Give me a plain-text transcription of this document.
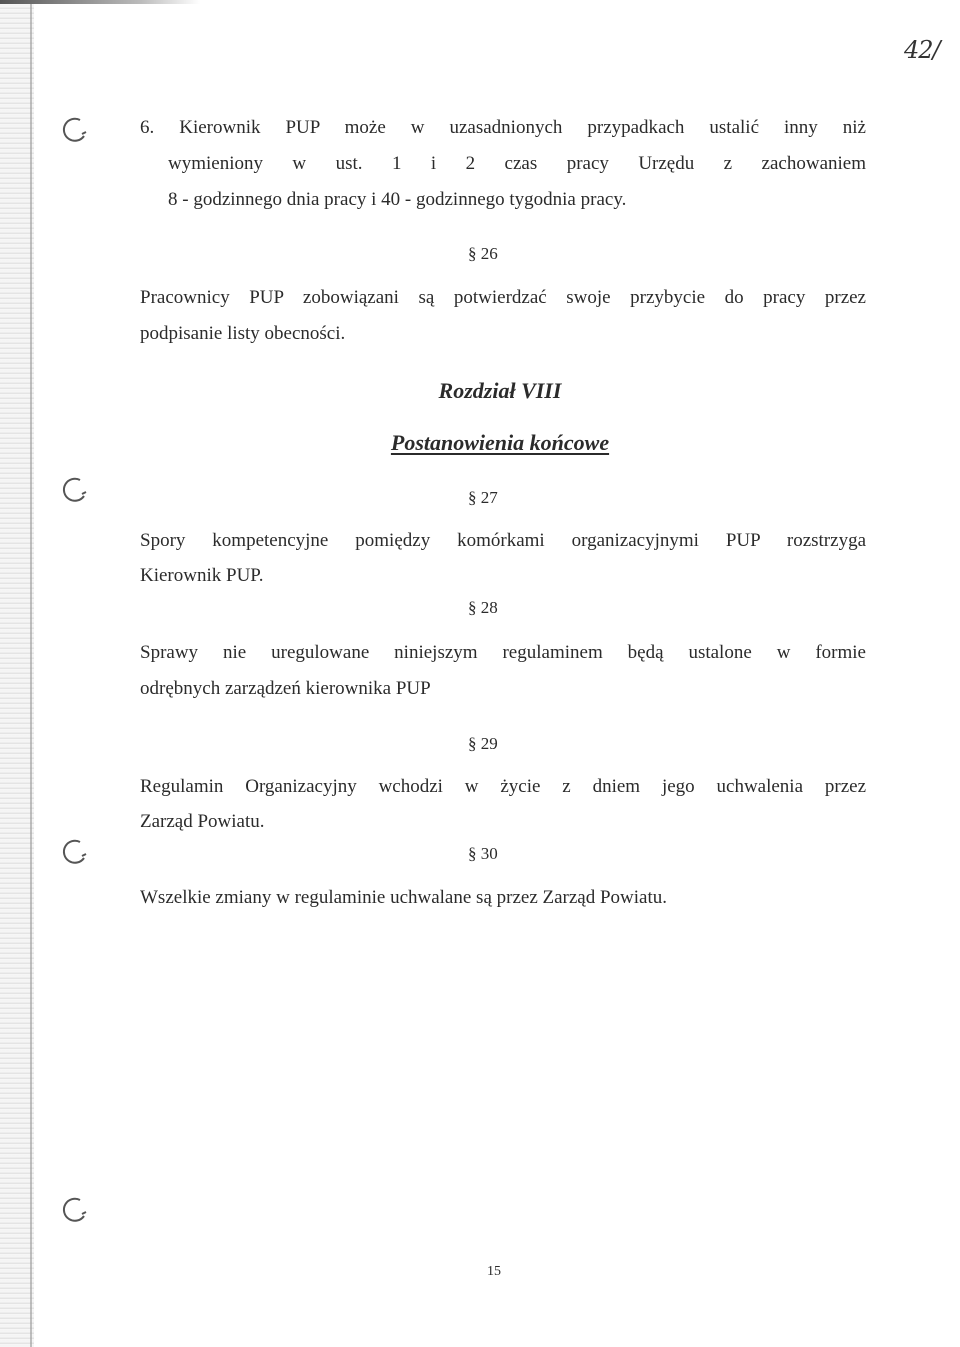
42/
6. Kierownik PUP może w uzasadnionych przypadkach ustalić inny niż
wymieniony w ust. 1 i 2 czas pracy Urzędu z zachowaniem
8 - godzinnego dnia pracy i 40 - godzinnego tygodnia pracy.
§ 26
Pracownicy PUP zobowiązani są potwierdzać swoje przybycie do pracy przez
podpisanie listy obecności.
Rozdział VIII
Postanowienia końcowe
§ 27
Spory kompetencyjne pomiędzy komórkami organizacyjnymi PUP rozstrzyga
Kierownik PUP.
§ 28
Sprawy nie uregulowane niniejszym regulaminem będą ustalone w formie
odrębnych zarządzeń kierownika PUP
§ 29
Regulamin Organizacyjny wchodzi w życie z dniem jego uchwalenia przez
Zarząd Powiatu.
§ 30
Wszelkie zmiany w regulaminie uchwalane są przez Zarząd Powiatu.
15
